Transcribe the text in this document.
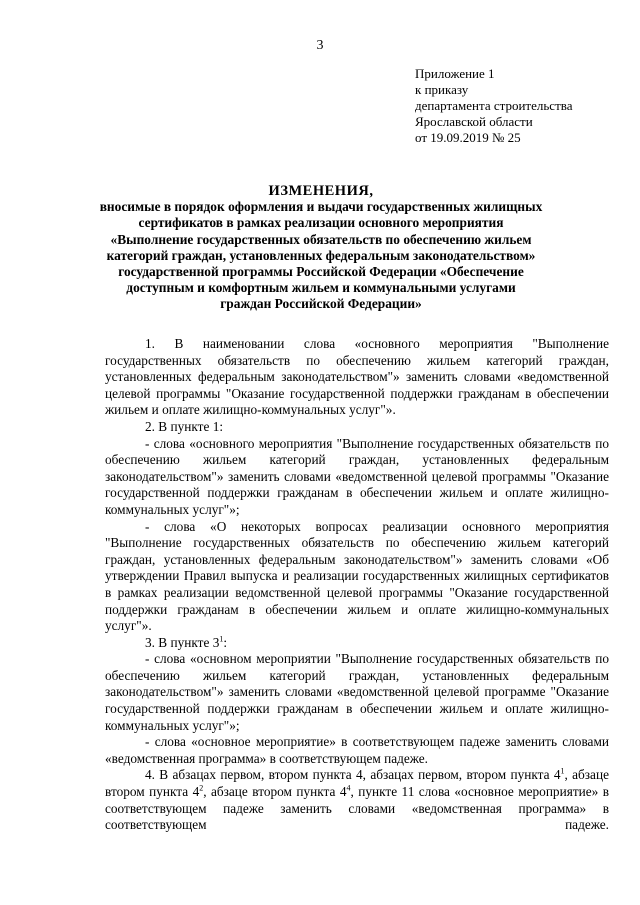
3
Приложение 1
к приказу
департамента строительства
Ярославской области
от 19.09.2019 № 25
ИЗМЕНЕНИЯ,
вносимые в порядок оформления и выдачи государственных жилищных
сертификатов в рамках реализации основного мероприятия
«Выполнение государственных обязательств по обеспечению жильем
категорий граждан, установленных федеральным законодательством»
государственной программы Российской Федерации «Обеспечение
доступным и комфортным жильем и коммунальными услугами
граждан Российской Федерации»

1. В наименовании слова «основного мероприятия "Выполнение государственных обязательств по обеспечению жильем категорий граждан, установленных федеральным законодательством"» заменить словами «ведомственной целевой программы "Оказание государственной поддержки гражданам в обеспечении жильем и оплате жилищно-коммунальных услуг"».

2. В пункте 1:

- слова «основного мероприятия "Выполнение государственных обязательств по обеспечению жильем категорий граждан, установленных федеральным законодательством"» заменить словами «ведомственной целевой программы "Оказание государственной поддержки гражданам в обеспечении жильем и оплате жилищно-коммунальных услуг"»;

- слова «О некоторых вопросах реализации основного мероприятия "Выполнение государственных обязательств по обеспечению жильем категорий граждан, установленных федеральным законодательством"» заменить словами «Об утверждении Правил выпуска и реализации государственных жилищных сертификатов в рамках реализации ведомственной целевой программы "Оказание государственной поддержки гражданам в обеспечении жильем и оплате жилищно-коммунальных услуг"».

3. В пункте $3^1$:

- слова «основном мероприятии "Выполнение государственных обязательств по обеспечению жильем категорий граждан, установленных федеральным законодательством"» заменить словами «ведомственной целевой программе "Оказание государственной поддержки гражданам в обеспечении жильем и оплате жилищно-коммунальных услуг"»;

- слова «основное мероприятие» в соответствующем падеже заменить словами «ведомственная программа» в соответствующем падеже.

4. В абзацах первом, втором пункта 4, абзацах первом, втором пункта $4^1$, абзаце втором пункта $4^2$, абзаце втором пункта $4^4$, пункте 11 слова «основное мероприятие» в соответствующем падеже заменить словами «ведомственная программа» в соответствующем падеже.
